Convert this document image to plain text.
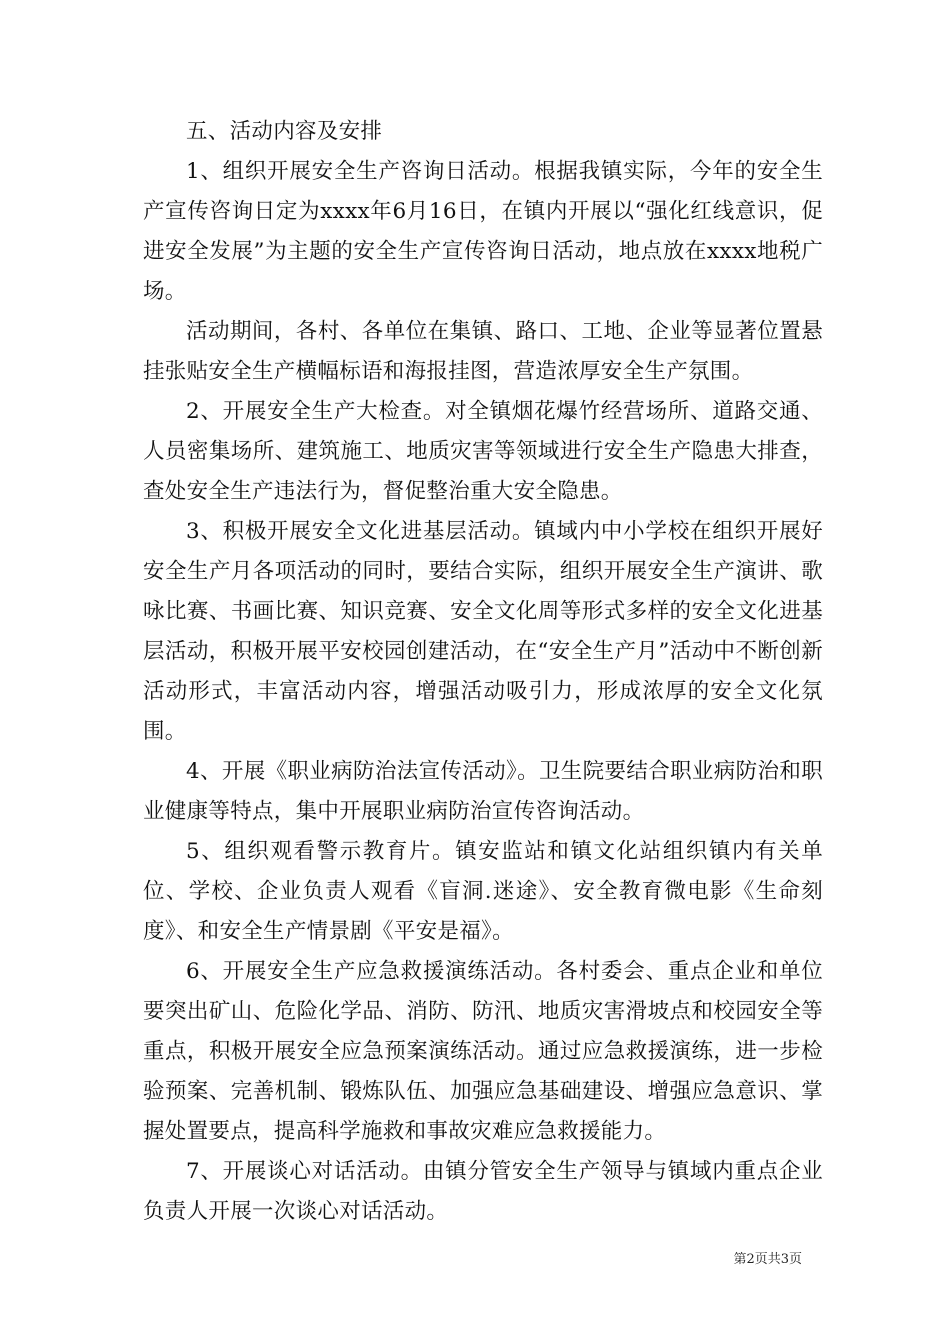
五、活动内容及安排

1、组织开展安全生产咨询日活动。根据我镇实际，今年的安全生产宣传咨询日定为xxxx年6月16日，在镇内开展以“强化红线意识，促进安全发展”为主题的安全生产宣传咨询日活动，地点放在xxxx地税广场。

活动期间，各村、各单位在集镇、路口、工地、企业等显著位置悬挂张贴安全生产横幅标语和海报挂图，营造浓厚安全生产氛围。

2、开展安全生产大检查。对全镇烟花爆竹经营场所、道路交通、人员密集场所、建筑施工、地质灾害等领域进行安全生产隐患大排查，查处安全生产违法行为，督促整治重大安全隐患。

3、积极开展安全文化进基层活动。镇域内中小学校在组织开展好安全生产月各项活动的同时，要结合实际，组织开展安全生产演讲、歌咏比赛、书画比赛、知识竞赛、安全文化周等形式多样的安全文化进基层活动，积极开展平安校园创建活动，在“安全生产月”活动中不断创新活动形式，丰富活动内容，增强活动吸引力，形成浓厚的安全文化氛围。

4、开展《职业病防治法宣传活动》。卫生院要结合职业病防治和职业健康等特点，集中开展职业病防治宣传咨询活动。

5、组织观看警示教育片。镇安监站和镇文化站组织镇内有关单位、学校、企业负责人观看《盲洞.迷途》、安全教育微电影《生命刻度》、和安全生产情景剧《平安是福》。

6、开展安全生产应急救援演练活动。各村委会、重点企业和单位要突出矿山、危险化学品、消防、防汛、地质灾害滑坡点和校园安全等重点，积极开展安全应急预案演练活动。通过应急救援演练，进一步检验预案、完善机制、锻炼队伍、加强应急基础建设、增强应急意识、掌握处置要点，提高科学施救和事故灾难应急救援能力。

7、开展谈心对话活动。由镇分管安全生产领导与镇域内重点企业负责人开展一次谈心对话活动。

第2页共3页
